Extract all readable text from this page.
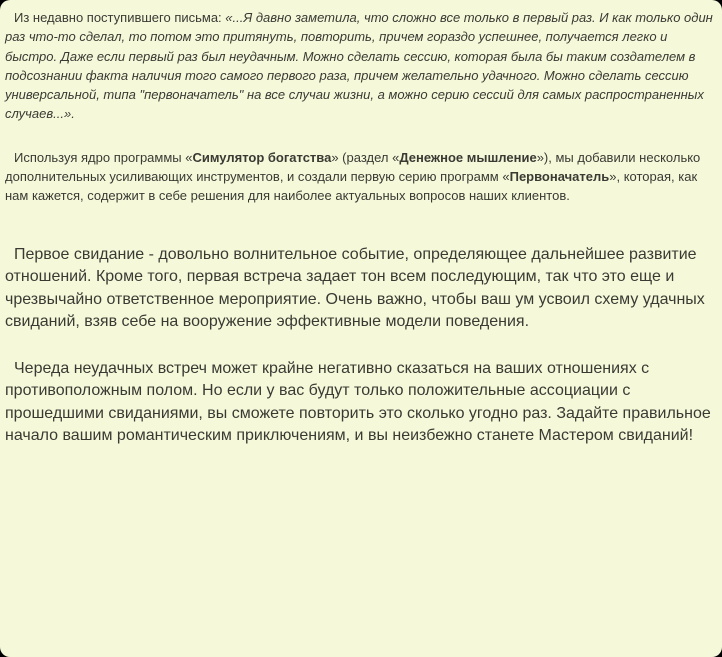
Из недавно поступившего письма: «...Я давно заметила, что сложно все только в первый раз. И как только один раз что-то сделал, то потом это притянуть, повторить, причем гораздо успешнее, получается легко и быстро. Даже если первый раз был неудачным. Можно сделать сессию, которая была бы таким создателем в подсознании факта наличия того самого первого раза, причем желательно удачного. Можно сделать сессию универсальной, типа "первоначатель" на все случаи жизни, а можно серию сессий для самых распространенных случаев...».

Используя ядро программы «Симулятор богатства» (раздел «Денежное мышление»), мы добавили несколько дополнительных усиливающих инструментов, и создали первую серию программ «Первоначатель», которая, как нам кажется, содержит в себе решения для наиболее актуальных вопросов наших клиентов.

Первое свидание - довольно волнительное событие, определяющее дальнейшее развитие отношений. Кроме того, первая встреча задает тон всем последующим, так что это еще и чрезвычайно ответственное мероприятие. Очень важно, чтобы ваш ум усвоил схему удачных свиданий, взяв себе на вооружение эффективные модели поведения.

Череда неудачных встреч может крайне негативно сказаться на ваших отношениях с противоположным полом. Но если у вас будут только положительные ассоциации с прошедшими свиданиями, вы сможете повторить это сколько угодно раз. Задайте правильное начало вашим романтическим приключениям, и вы неизбежно станете Мастером свиданий!
